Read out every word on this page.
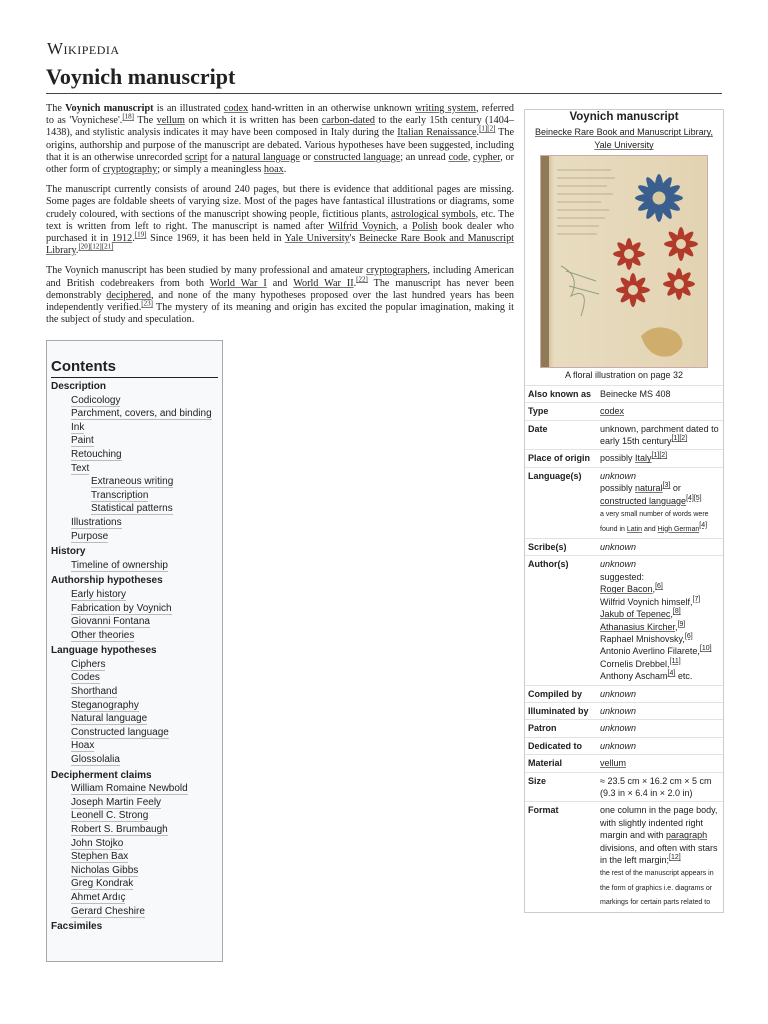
Wikipedia
Voynich manuscript

The Voynich manuscript is an illustrated codex hand-written in an otherwise unknown writing system, referred to as 'Voynichese'.[18] The vellum on which it is written has been carbon-dated to the early 15th century (1404–1438), and stylistic analysis indicates it may have been composed in Italy during the Italian Renaissance.[1][2] The origins, authorship and purpose of the manuscript are debated. Various hypotheses have been suggested, including that it is an otherwise unrecorded script for a natural language or constructed language; an unread code, cypher, or other form of cryptography; or simply a meaningless hoax.

The manuscript currently consists of around 240 pages, but there is evidence that additional pages are missing. Some pages are foldable sheets of varying size. Most of the pages have fantastical illustrations or diagrams, some crudely coloured, with sections of the manuscript showing people, fictitious plants, astrological symbols, etc. The text is written from left to right. The manuscript is named after Wilfrid Voynich, a Polish book dealer who purchased it in 1912.[19] Since 1969, it has been held in Yale University's Beinecke Rare Book and Manuscript Library.[20][12][21]

The Voynich manuscript has been studied by many professional and amateur cryptographers, including American and British codebreakers from both World War I and World War II.[22] The manuscript has never been demonstrably deciphered, and none of the many hypotheses proposed over the last hundred years has been independently verified.[23] The mystery of its meaning and origin has excited the popular imagination, making it the subject of study and speculation.

Contents
Description
Codicology
Parchment, covers, and binding
Ink
Paint
Retouching
Text
Extraneous writing
Transcription
Statistical patterns
Illustrations
Purpose
History
Timeline of ownership
Authorship hypotheses
Early history
Fabrication by Voynich
Giovanni Fontana
Other theories
Language hypotheses
Ciphers
Codes
Shorthand
Steganography
Natural language
Constructed language
Hoax
Glossolalia
Decipherment claims
William Romaine Newbold
Joseph Martin Feely
Leonell C. Strong
Robert S. Brumbaugh
John Stojko
Stephen Bax
Nicholas Gibbs
Greg Kondrak
Ahmet Ardıç
Gerard Cheshire
Facsimiles
Voynich manuscript
Beinecke Rare Book and Manuscript Library, Yale University
A floral illustration on page 32
Also known as Beinecke MS 408
Type	codex
Date	unknown, parchment dated to early 15th century[1][2]
Place of origin	possibly Italy[1][2]
Language(s)	unknown
possibly natural[3] or constructed language[4][5]
a very small number of words were found in Latin and High German[4]
Scribe(s)	unknown
Author(s)	unknown
suggested:
Roger Bacon,[6]
Wilfrid Voynich himself,[7]
Jakub of Tepenec,[8]
Athanasius Kircher,[9]
Raphael Mnishovsky,[6]
Antonio Averlino Filarete,[10]
Cornelis Drebbel,[11]
Anthony Ascham[4] etc.
Compiled by	unknown
Illuminated by	unknown
Patron	unknown
Dedicated to	unknown
Material	vellum
Size	≈ 23.5 cm × 16.2 cm × 5 cm (9.3 in × 6.4 in × 2.0 in)
Format	one column in the page body, with slightly indented right margin and with paragraph divisions, and often with stars in the left margin;[12]
the rest of the manuscript appears in the form of graphics i.e. diagrams or markings for certain parts related to
